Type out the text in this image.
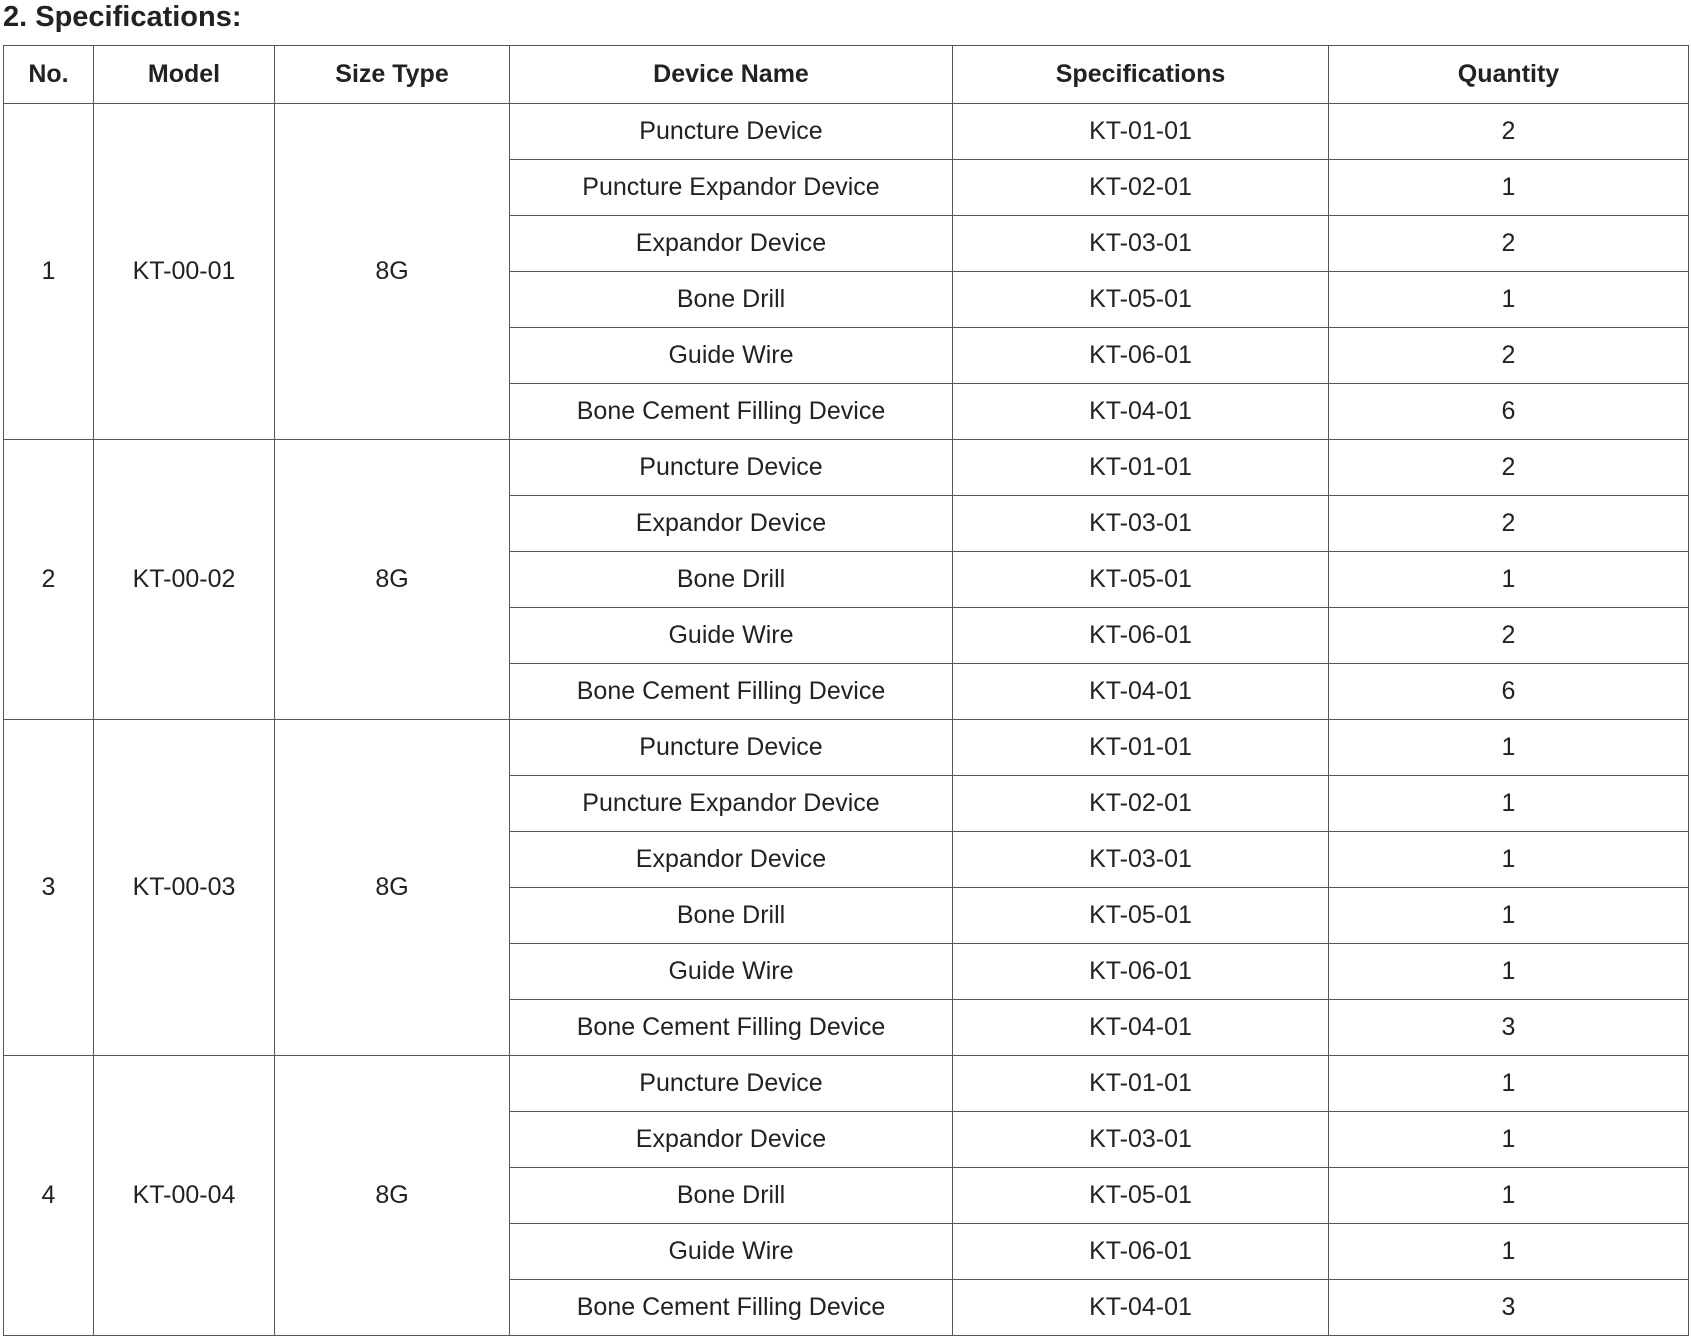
2. Specifications:
No.	Model	Size Type	Device Name	Specifications	Quantity
1	KT-00-01	8G	Puncture Device	KT-01-01	2
			Puncture Expandor Device	KT-02-01	1
			Expandor Device	KT-03-01	2
			Bone Drill	KT-05-01	1
			Guide Wire	KT-06-01	2
			Bone Cement Filling Device	KT-04-01	6
2	KT-00-02	8G	Puncture Device	KT-01-01	2
			Expandor Device	KT-03-01	2
			Bone Drill	KT-05-01	1
			Guide Wire	KT-06-01	2
			Bone Cement Filling Device	KT-04-01	6
3	KT-00-03	8G	Puncture Device	KT-01-01	1
			Puncture Expandor Device	KT-02-01	1
			Expandor Device	KT-03-01	1
			Bone Drill	KT-05-01	1
			Guide Wire	KT-06-01	1
			Bone Cement Filling Device	KT-04-01	3
4	KT-00-04	8G	Puncture Device	KT-01-01	1
			Expandor Device	KT-03-01	1
			Bone Drill	KT-05-01	1
			Guide Wire	KT-06-01	1
			Bone Cement Filling Device	KT-04-01	3
